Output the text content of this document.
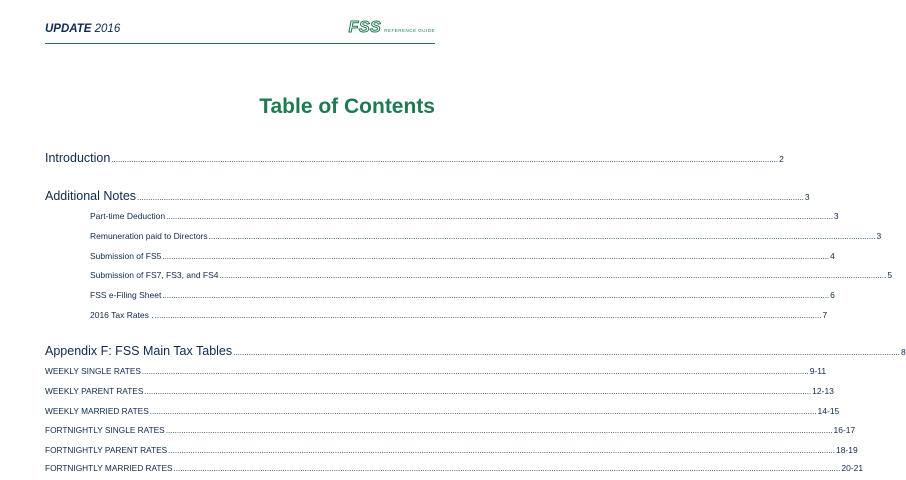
UPDATE 2016	FSS REFERENCE GUIDE
Table of Contents
Introduction ............................................................................................................................................................................................................................................................................................................ 2
Additional Notes ............................................................................................................................................................................................................................................................................................................ 3
Part-time Deduction ............................................................................................................................................................................................................................................................................................................ 3
Remuneration paid to Directors ............................................................................................................................................................................................................................................................................................................ 3
Submission of FS5 ............................................................................................................................................................................................................................................................................................................ 4
Submission of FS7, FS3, and FS4 ............................................................................................................................................................................................................................................................................................................ 5
FSS e-Filing Sheet ............................................................................................................................................................................................................................................................................................................ 6
2016 Tax Rates . ............................................................................................................................................................................................................................................................................................................ 7
Appendix F: FSS Main Tax Tables ............................................................................................................................................................................................................................................................................................................ 8
WEEKLY SINGLE RATES ............................................................................................................................................................................................................................................................................................................ 9-11
WEEKLY PARENT RATES ............................................................................................................................................................................................................................................................................................................ 12-13
WEEKLY MARRIED RATES ............................................................................................................................................................................................................................................................................................................ 14-15
FORTNIGHTLY SINGLE RATES ............................................................................................................................................................................................................................................................................................................ 16-17
FORTNIGHTLY PARENT RATES ............................................................................................................................................................................................................................................................................................................ 18-19
FORTNIGHTLY MARRIED RATES ............................................................................................................................................................................................................................................................................................................ 20-21
